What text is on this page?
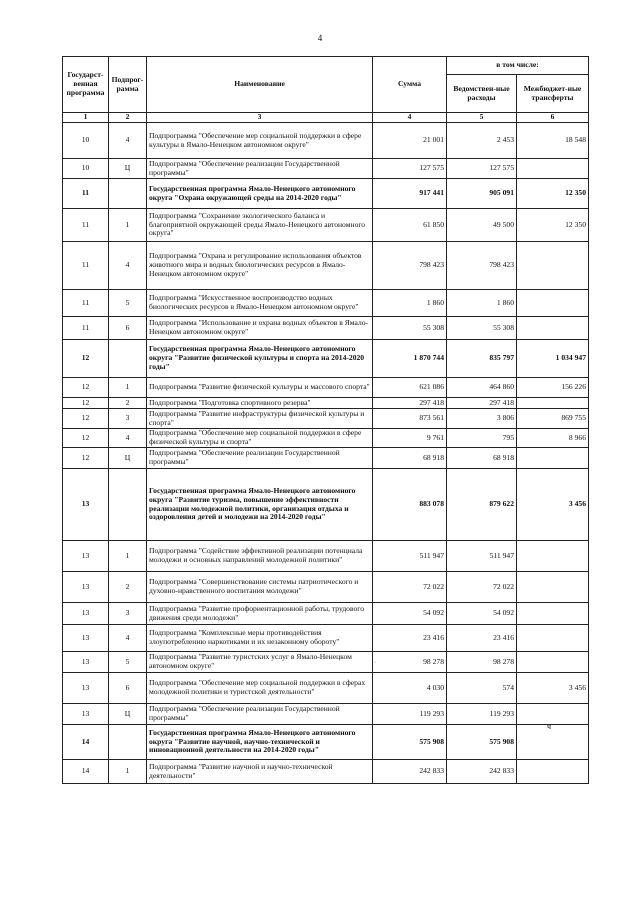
4
Государст-венная программа	Подпрог-рамма	Наименование	Сумма	в том числе:	
				Ведомствен-ные расходы	Межбюджет-ные трансферты
1	2	3	4	5	6
10	4	Подпрограмма "Обеспечение мер социальной поддержки в сфере культуры в Ямало-Ненецком автономном округе"	21 001	2 453	18 548
10	Ц	Подпрограмма "Обеспечение реализации Государственной программы"	127 575	127 575	
11		Государственная программа Ямало-Ненецкого автономного округа "Охрана окружающей среды на 2014-2020 годы"	917 441	905 091	12 350
11	1	Подпрограмма "Сохранение экологического баланса и благоприятной окружающей среды Ямало-Ненецкого автономного округа"	61 850	49 500	12 350
11	4	Подпрограмма "Охрана и регулирование использования объектов животного мира и водных биологических ресурсов в Ямало-Ненецком автономном округе"	798 423	798 423	
11	5	Подпрограмма "Искусственное воспроизводство водных биологических ресурсов в Ямало-Ненецком автономном округе"	1 860	1 860	
11	6	Подпрограмма "Использование и охрана водных объектов в Ямало-Ненецком автономном округе"	55 308	55 308	
12		Государственная программа Ямало-Ненецкого автономного округа "Развитие физической культуры и спорта на 2014-2020 годы"	1 870 744	835 797	1 034 947
12	1	Подпрограмма "Развитие физической культуры и массового спорта"	621 086	464 860	156 226
12	2	Подпрограмма "Подготовка спортивного резерва"	297 418	297 418	
12	3	Подпрограмма "Развитие инфраструктуры физической культуры и спорта"	873 561	3 806	869 755
12	4	Подпрограмма "Обеспечение мер социальной поддержки в сфере физической культуры и спорта"	9 761	795	8 966
12	Ц	Подпрограмма "Обеспечение реализации Государственной программы"	68 918	68 918	
13		Государственная программа Ямало-Ненецкого автономного округа "Развитие туризма, повышение эффективности реализации молодежной политики, организация отдыха и оздоровления детей и молодежи на 2014-2020 годы"	883 078	879 622	3 456
13	1	Подпрограмма "Содействие эффективной реализации потенциала молодежи и основных направлений молодежной политики"	511 947	511 947	
13	2	Подпрограмма "Совершенствование системы патриотического и духовно-нравственного воспитания молодежи"	72 022	72 022	
13	3	Подпрограмма "Развитие профориентационной работы, трудового движения среди молодежи"	54 092	54 092	
13	4	Подпрограмма "Комплексные меры противодействия злоупотреблению наркотиками и их незаконному обороту"	23 416	23 416	
13	5	Подпрограмма "Развитие туристских услуг в Ямало-Ненецком автономном округе"	98 278	98 278	
13	6	Подпрограмма "Обеспечение мер социальной поддержки в сферах молодежной политики и туристской деятельности"	4 030	574	3 456
13	Ц	Подпрограмма "Обеспечение реализации Государственной программы"	119 293	119 293	
14		Государственная программа Ямало-Ненецкого автономного округа "Развитие научной, научно-технической и инновационной деятельности на 2014-2020 годы"	575 908	575 908	
14	1	Подпрограмма "Развитие научной и научно-технической деятельности"	242 833	242 833	
·
ч
